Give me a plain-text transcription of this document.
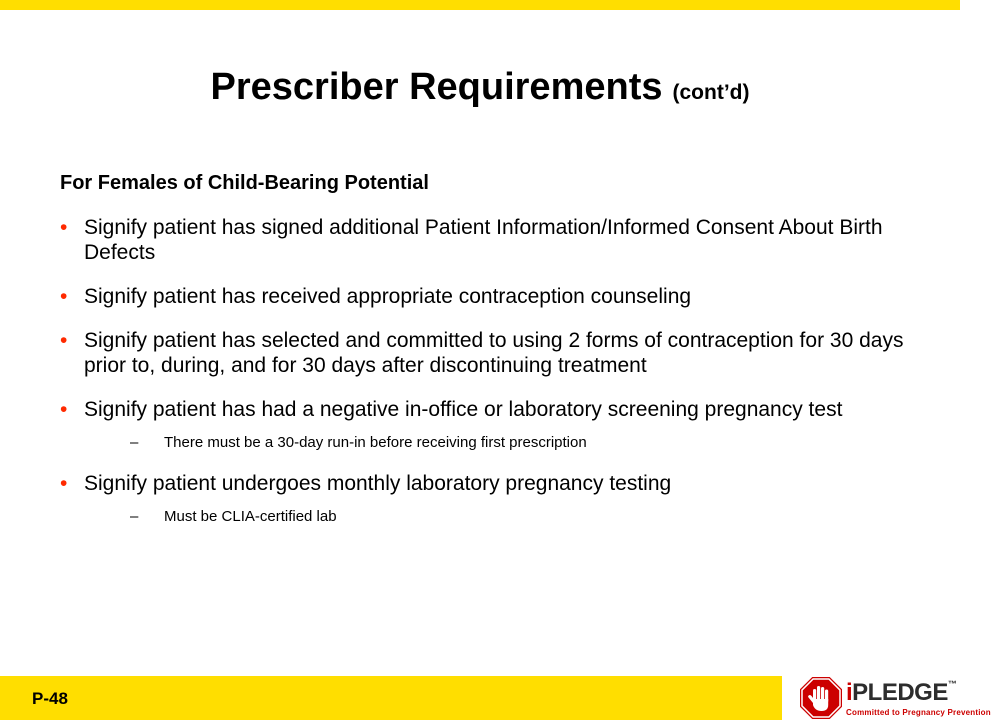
Prescriber Requirements (cont’d)
For Females of Child-Bearing Potential
• Signify patient has signed additional Patient Information/Informed Consent About Birth Defects
• Signify patient has received appropriate contraception counseling
• Signify patient has selected and committed to using 2 forms of contraception for 30 days prior to, during, and for 30 days after discontinuing treatment
• Signify patient has had a negative in-office or laboratory screening pregnancy test
– There must be a 30-day run-in before receiving first prescription
• Signify patient undergoes monthly laboratory pregnancy testing
– Must be CLIA-certified lab
P-48	iPLEDGE™
Committed to Pregnancy Prevention
